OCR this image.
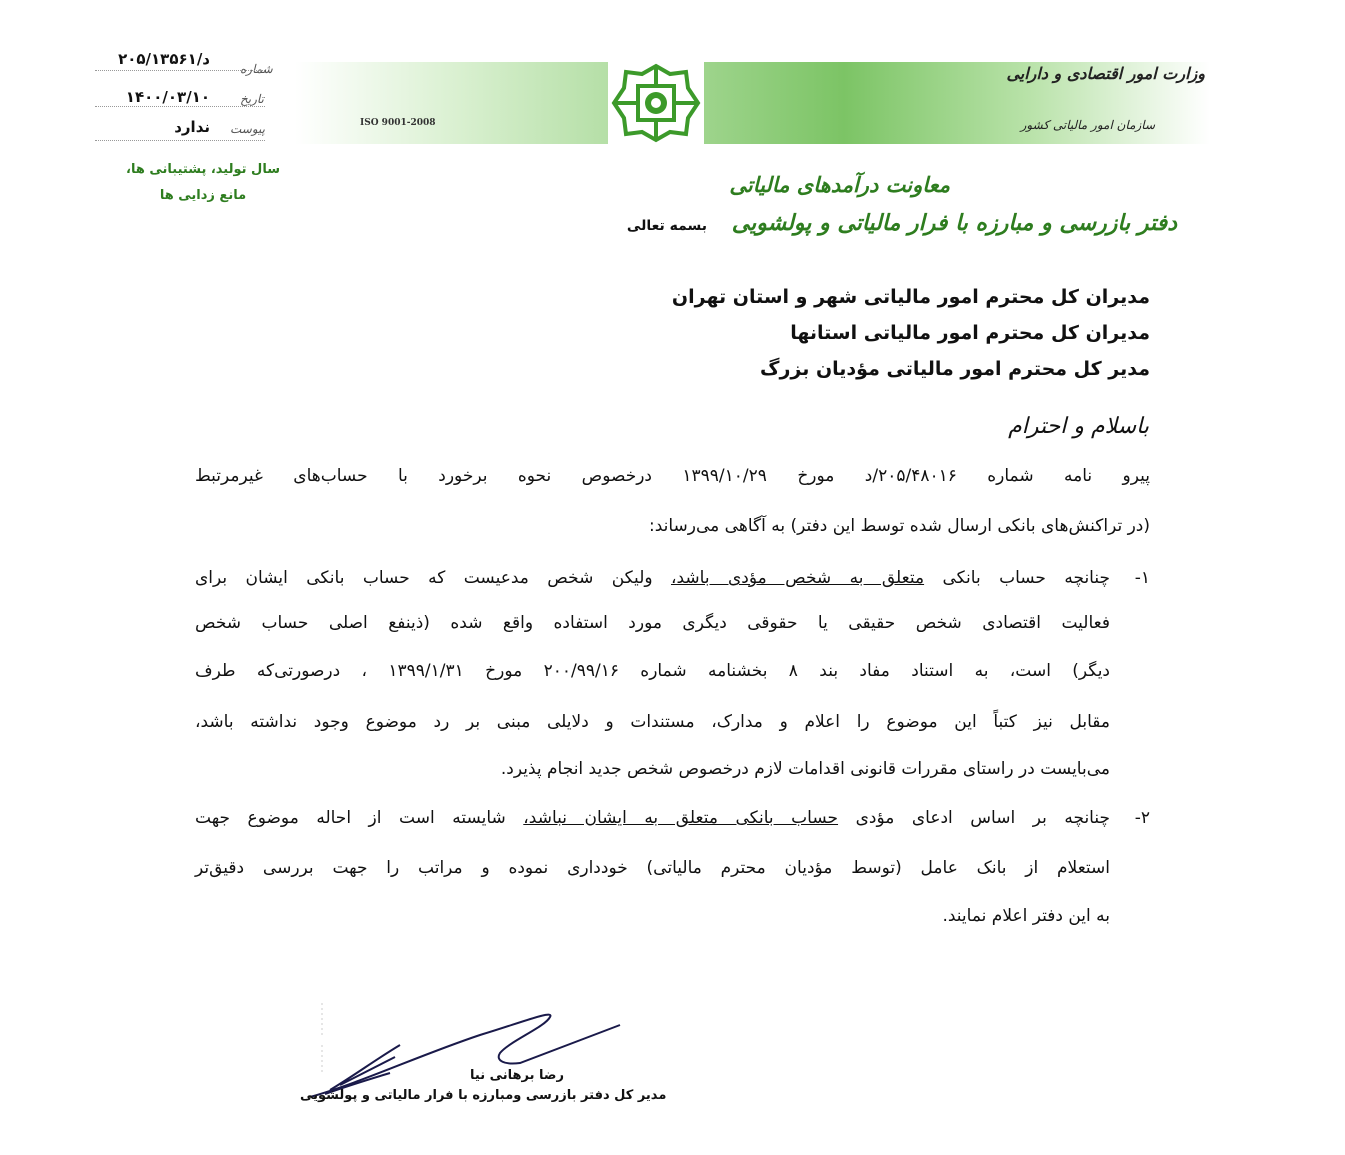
ISO 9001-2008
وزارت امور اقتصادی و دارایی
سازمان امور مالیاتی کشور
معاونت درآمدهای مالیاتی
دفتر بازرسی و مبارزه با فرار مالیاتی و پولشویی
شماره
د/۲۰۵/۱۳۵۶۱
تاریخ
۱۴۰۰/۰۳/۱۰
پیوست
ندارد
سال تولید، پشتیبانی ها،
مانع زدایی ها
بسمه تعالی
مدیران کل محترم امور مالیاتی شهر و استان تهران
مدیران کل محترم امور مالیاتی استانها
مدیر کل محترم امور مالیاتی مؤدیان بزرگ
باسلام و احترام
پیرو نامه شماره ۲۰۵/۴۸۰۱۶/د مورخ ۱۳۹۹/۱۰/۲۹ درخصوص نحوه برخورد با حساب‌های غیرمرتبط
(در تراکنش‌های بانکی ارسال شده توسط این دفتر) به آگاهی می‌رساند:
۱-
چنانچه حساب بانکی متعلق به شخص مؤدی باشد، ولیکن شخص مدعیست که حساب بانکی ایشان برای
فعالیت اقتصادی شخص حقیقی یا حقوقی دیگری مورد استفاده واقع شده (ذینفع اصلی حساب شخص
دیگر) است، به استناد مفاد بند ۸ بخشنامه شماره ۲۰۰/۹۹/۱۶ مورخ ۱۳۹۹/۱/۳۱ ، درصورتی‌که طرف
مقابل نیز کتباً این موضوع را اعلام و مدارک، مستندات و دلایلی مبنی بر رد موضوع وجود نداشته باشد،
می‌بایست در راستای مقررات قانونی اقدامات لازم درخصوص شخص جدید انجام پذیرد.
۲-
چنانچه بر اساس ادعای مؤدی حساب بانکی متعلق به ایشان نباشد، شایسته است از احاله موضوع جهت
استعلام از بانک عامل (توسط مؤدیان محترم مالیاتی) خودداری نموده و مراتب را جهت بررسی دقیق‌تر
به این دفتر اعلام نمایند.
رضا برهانی نیا
مدیر کل دفتر بازرسی ومبارزه با فرار مالیاتی و پولشویی
